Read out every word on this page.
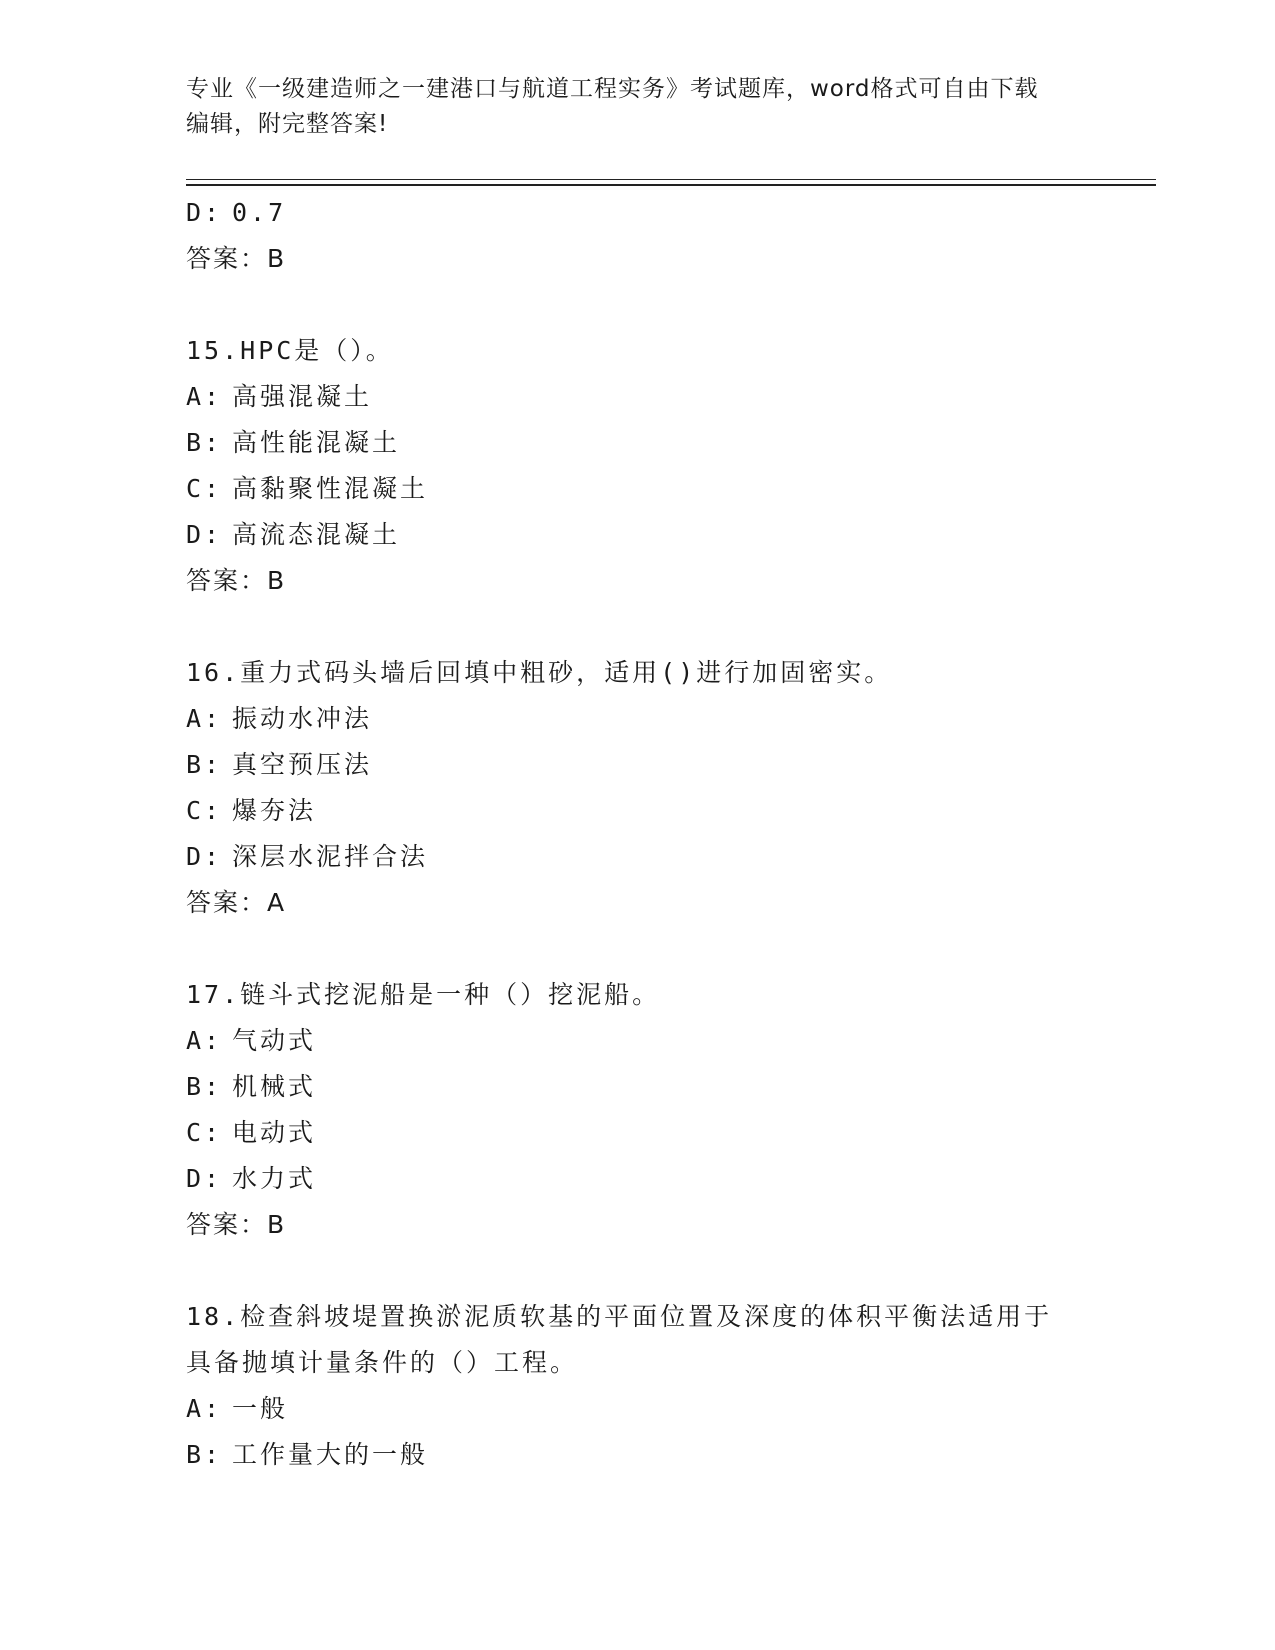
专业《一级建造师之一建港口与航道工程实务》考试题库，word格式可自由下载
编辑，附完整答案!
D: 0.7
答案：B
15.HPC是（）。
A: 高强混凝土
B: 高性能混凝土
C: 高黏聚性混凝土
D: 高流态混凝土
答案：B
16.重力式码头墙后回填中粗砂，适用()进行加固密实。
A: 振动水冲法
B: 真空预压法
C: 爆夯法
D: 深层水泥拌合法
答案：A
17.链斗式挖泥船是一种（）挖泥船。
A: 气动式
B: 机械式
C: 电动式
D: 水力式
答案：B
18.检查斜坡堤置换淤泥质软基的平面位置及深度的体积平衡法适用于具备抛填计量条件的（）工程。
A: 一般
B: 工作量大的一般
